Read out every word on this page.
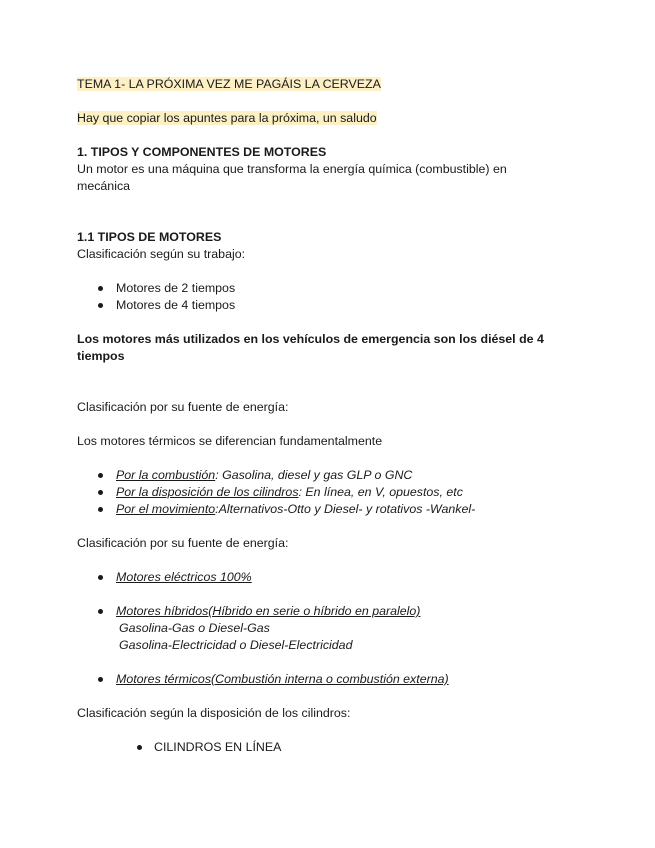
TEMA 1- LA PRÓXIMA VEZ ME PAGÁIS LA CERVEZA
Hay que copiar los apuntes para la próxima, un saludo
1. TIPOS Y COMPONENTES DE MOTORES
Un motor es una máquina que transforma la energía química (combustible) en mecánica
1.1 TIPOS DE MOTORES
Clasificación según su trabajo:
Motores de 2 tiempos
Motores de 4 tiempos
Los motores más utilizados en los vehículos de emergencia son los diésel de 4 tiempos
Clasificación por su fuente de energía:
Los motores térmicos se diferencian fundamentalmente
Por la combustión: Gasolina, diesel y gas GLP o GNC
Por la disposición de los cilindros: En línea, en V, opuestos, etc
Por el movimiento:Alternativos-Otto y Diesel- y rotativos -Wankel-
Clasificación por su fuente de energía:
Motores eléctricos 100%
Motores híbridos(Híbrido en serie o híbrido en paralelo)
Gasolina-Gas o Diesel-Gas
Gasolina-Electricidad o Diesel-Electricidad
Motores térmicos(Combustión interna o combustión externa)
Clasificación según la disposición de los cilindros:
CILINDROS EN LÍNEA
